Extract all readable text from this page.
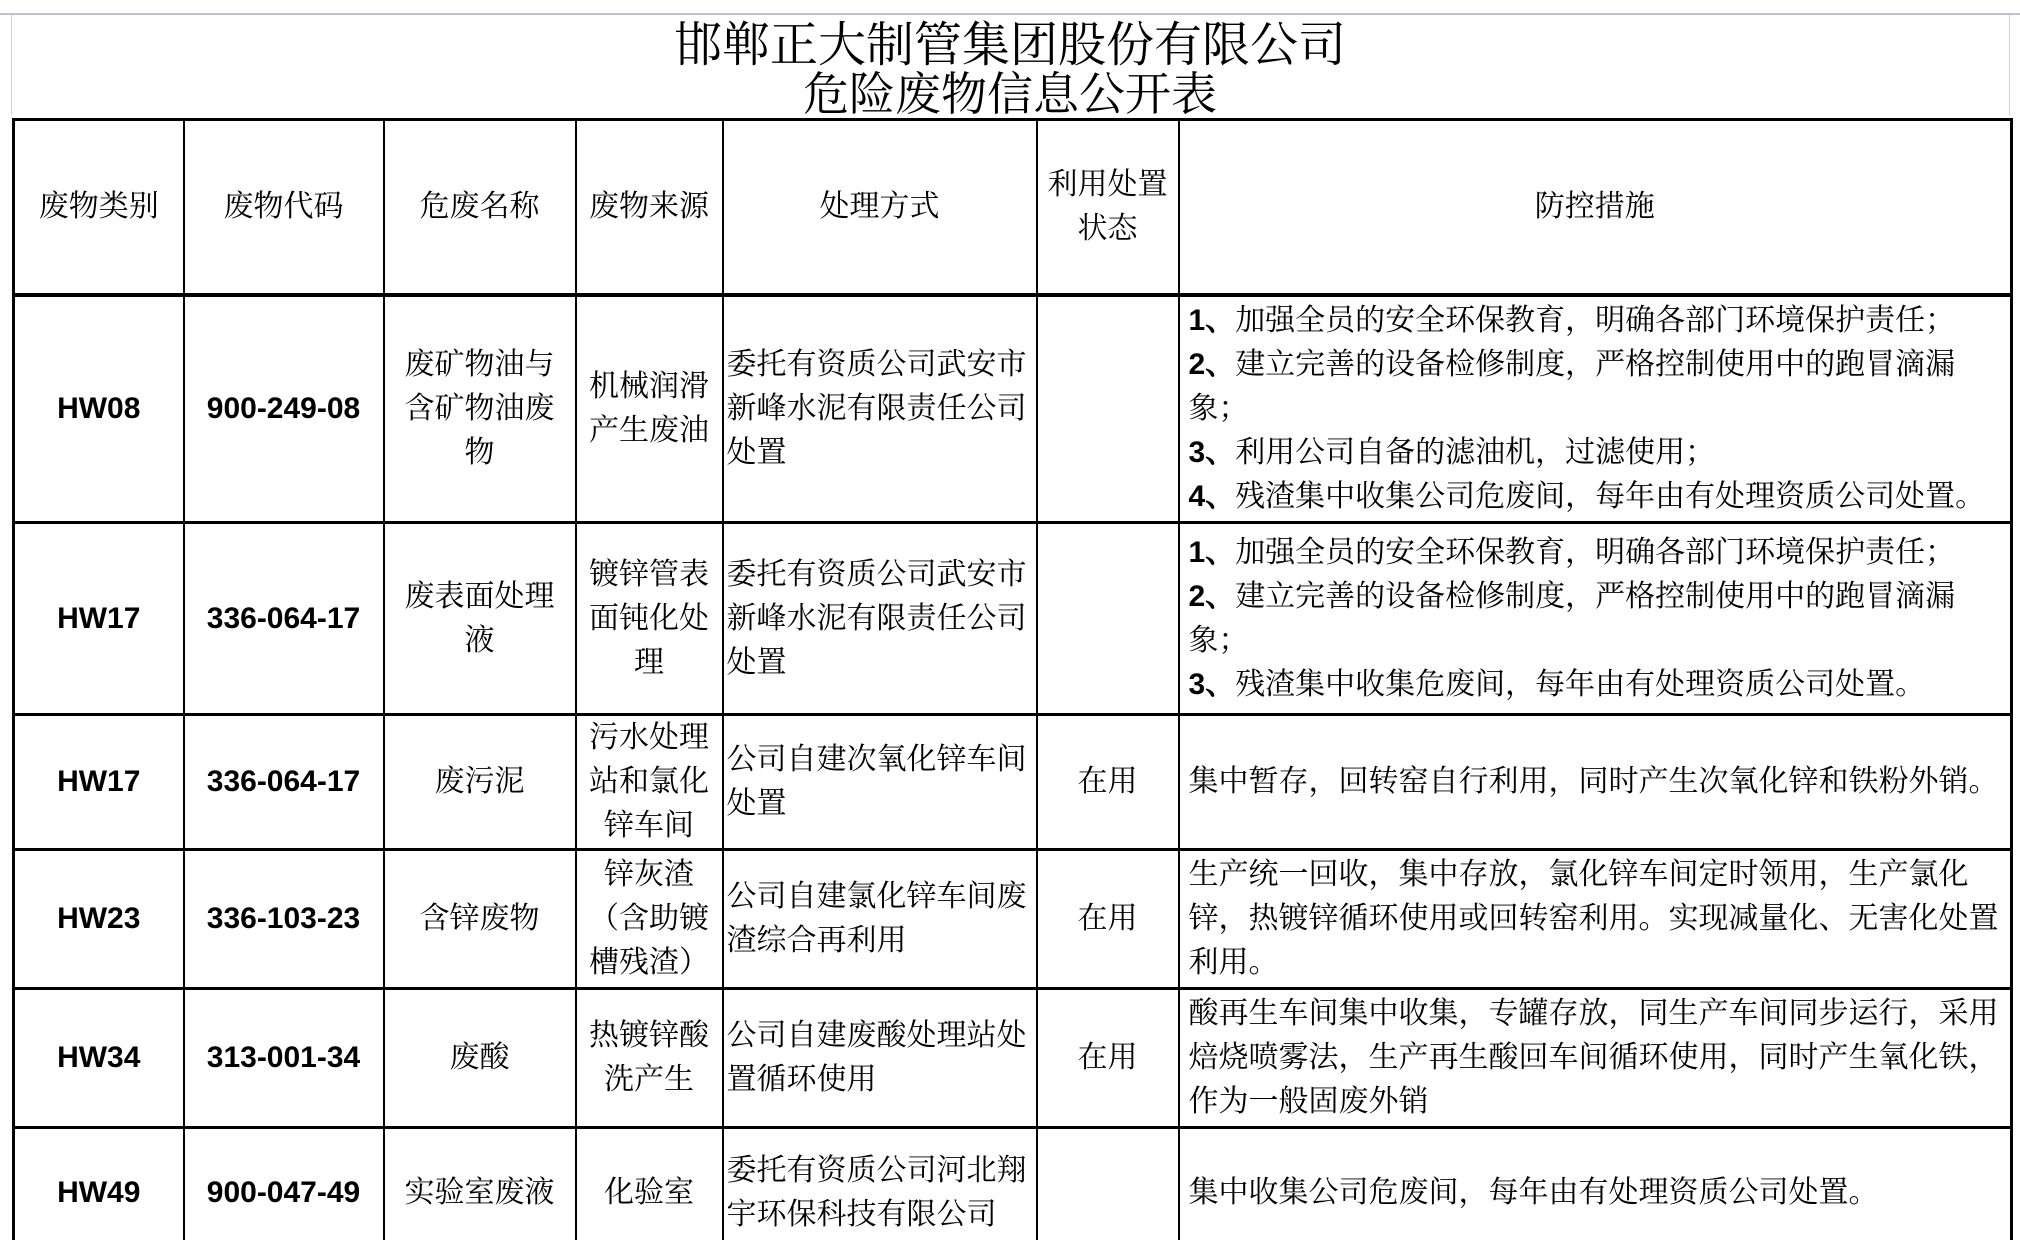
邯郸正大制管集团股份有限公司
危险废物信息公开表
废物类别	废物代码	危废名称	废物来源	处理方式	利用处置状态	防控措施
HW08	900-249-08	废矿物油与含矿物油废物	机械润滑产生废油	委托有资质公司武安市新峰水泥有限责任公司处置		1、加强全员的安全环保教育，明确各部门环境保护责任；
2、建立完善的设备检修制度，严格控制使用中的跑冒滴漏象；
3、利用公司自备的滤油机，过滤使用；
4、残渣集中收集公司危废间，每年由有处理资质公司处置。

HW17	336-064-17	废表面处理液	镀锌管表面钝化处理	委托有资质公司武安市新峰水泥有限责任公司处置		1、加强全员的安全环保教育，明确各部门环境保护责任；
2、建立完善的设备检修制度，严格控制使用中的跑冒滴漏象；
3、残渣集中收集危废间，每年由有处理资质公司处置。

HW17	336-064-17	废污泥	污水处理站和氯化锌车间	公司自建次氧化锌车间处置	在用	集中暂存，回转窑自行利用，同时产生次氧化锌和铁粉外销。

HW23	336-103-23	含锌废物	锌灰渣（含助镀槽残渣）	公司自建氯化锌车间废渣综合再利用	在用	生产统一回收，集中存放，氯化锌车间定时领用，生产氯化锌，热镀锌循环使用或回转窑利用。实现减量化、无害化处置利用。

HW34	313-001-34	废酸	热镀锌酸洗产生	公司自建废酸处理站处置循环使用	在用	酸再生车间集中收集，专罐存放，同生产车间同步运行，采用焙烧喷雾法，生产再生酸回车间循环使用，同时产生氧化铁，作为一般固废外销

HW49	900-047-49	实验室废液	化验室	委托有资质公司河北翔宇环保科技有限公司		集中收集公司危废间，每年由有处理资质公司处置。
